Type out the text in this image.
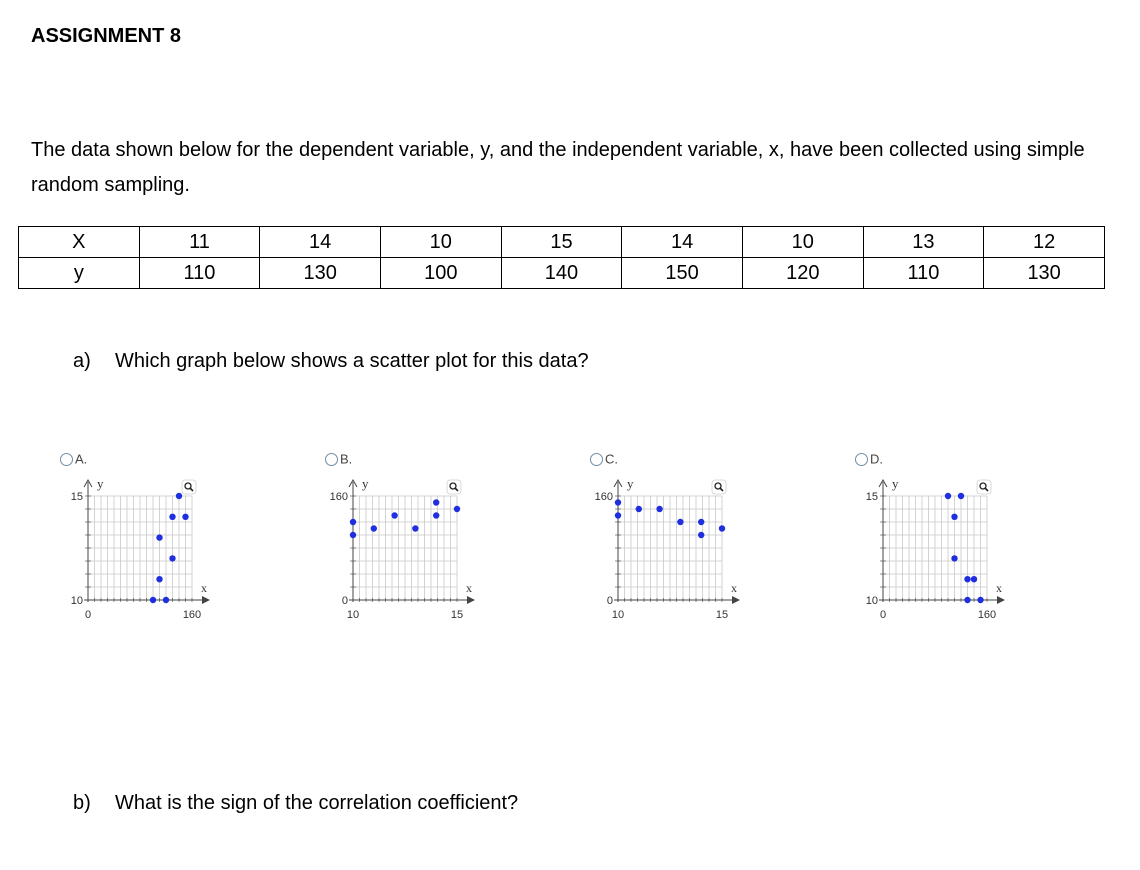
ASSIGNMENT 8
The data shown below for the dependent variable, y, and the independent variable, x, have been collected using simple random sampling.
X	11	14	10	15	14	10	13	12
y	110	130	100	140	150	120	110	130
a) Which graph below shows a scatter plot for this data?
A.
15
10
0	160
x
y
B.
160
0
10	15
x
y
C.
160
0
10	15
x
y
D.
15
10
0	160
x
y
b) What is the sign of the correlation coefficient?
